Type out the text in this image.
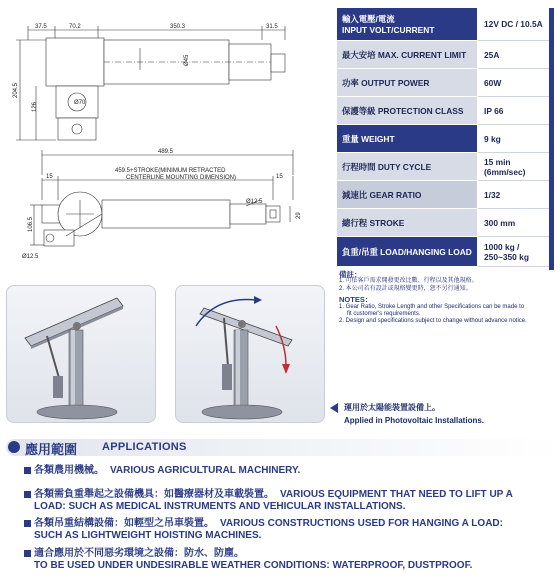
37.5	70.2	350.3	31.5
Ø45
204.5
126	Ø70
489.5
15	15
459.5+STROKE(MINIMUM RETRACTED
CENTERLINE MOUNTING DIMENSION)
Ø12.5
29
106.5
Ø12.5
輸入電壓/電流
INPUT VOLT/CURRENT	12V DC / 10.5A
最大安培 MAX. CURRENT LIMIT	25A
功率 OUTPUT POWER	60W
保護等級 PROTECTION CLASS	IP 66
重量 WEIGHT	9 kg
行程時間 DUTY CYCLE	15 min (6mm/sec)
減速比 GEAR RATIO	1/32
總行程 STROKE	300 mm
負重/吊重 LOAD/HANGING LOAD	1000 kg /
250~350 kg
備註：
1. 可依客戶需求開發更改比數、行程以及其他規格。
2. 本公司若有設計或規格變更時，恕不另行通知。
NOTES：
1. Gear Ratio, Stroke Length and other Specifications can be made to
fit customer's requirements.
2. Design and specifications subject to change without advance notice.
運用於太陽能裝置設備上。
Applied in Photovoltaic Installations.
應用範圍 APPLICATIONS
各類農用機械。 VARIOUS AGRICULTURAL MACHINERY.
各類需負重舉起之設備機具：如醫療器材及車載裝置。 VARIOUS EQUIPMENT THAT NEED TO LIFT UP A
LOAD: SUCH AS MEDICAL INSTRUMENTS AND VEHICULAR INSTALLATIONS.
各類吊重結構設備：如輕型之吊車裝置。 VARIOUS CONSTRUCTIONS USED FOR HANGING A LOAD:
SUCH AS LIGHTWEIGHT HOISTING MACHINES.
適合應用於不同惡劣環境之設備：防水、防塵。
TO BE USED UNDER UNDESIRABLE WEATHER CONDITIONS: WATERPROOF, DUSTPROOF.
